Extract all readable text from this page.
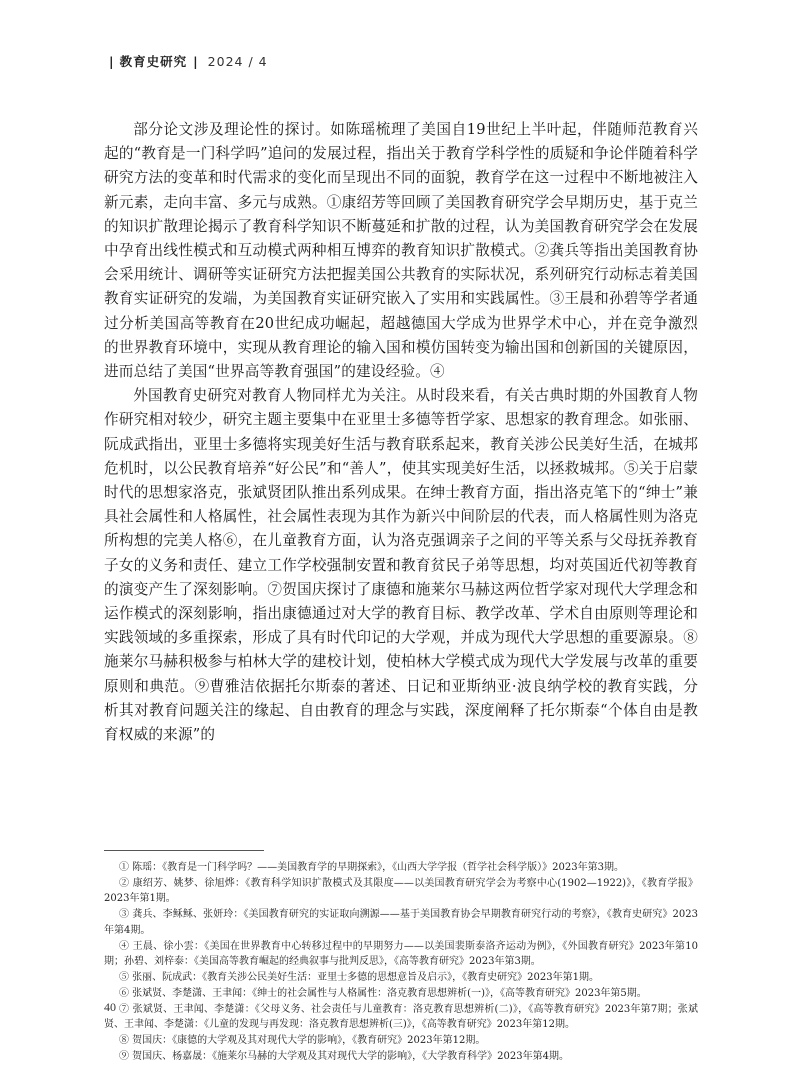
| 教育史研究 | 2024 / 4

部分论文涉及理论性的探讨。如陈瑶梳理了美国自19世纪上半叶起，伴随师范教育兴起的“教育是一门科学吗”追问的发展过程，指出关于教育学科学性的质疑和争论伴随着科学研究方法的变革和时代需求的变化而呈现出不同的面貌，教育学在这一过程中不断地被注入新元素，走向丰富、多元与成熟。①康绍芳等回顾了美国教育研究学会早期历史，基于克兰的知识扩散理论揭示了教育科学知识不断蔓延和扩散的过程，认为美国教育研究学会在发展中孕育出线性模式和互动模式两种相互博弈的教育知识扩散模式。②龚兵等指出美国教育协会采用统计、调研等实证研究方法把握美国公共教育的实际状况，系列研究行动标志着美国教育实证研究的发端，为美国教育实证研究嵌入了实用和实践属性。③王晨和孙碧等学者通过分析美国高等教育在20世纪成功崛起，超越德国大学成为世界学术中心，并在竞争激烈的世界教育环境中，实现从教育理论的输入国和模仿国转变为输出国和创新国的关键原因，进而总结了美国“世界高等教育强国”的建设经验。④

外国教育史研究对教育人物同样尤为关注。从时段来看，有关古典时期的外国教育人物作研究相对较少，研究主题主要集中在亚里士多德等哲学家、思想家的教育理念。如张丽、阮成武指出，亚里士多德将实现美好生活与教育联系起来，教育关涉公民美好生活，在城邦危机时，以公民教育培养“好公民”和“善人”，使其实现美好生活，以拯救城邦。⑤关于启蒙时代的思想家洛克，张斌贤团队推出系列成果。在绅士教育方面，指出洛克笔下的“绅士”兼具社会属性和人格属性，社会属性表现为其作为新兴中间阶层的代表，而人格属性则为洛克所构想的完美人格⑥，在儿童教育方面，认为洛克强调亲子之间的平等关系与父母抚养教育子女的义务和责任、建立工作学校强制安置和教育贫民子弟等思想，均对英国近代初等教育的演变产生了深刻影响。⑦贺国庆探讨了康德和施莱尔马赫这两位哲学家对现代大学理念和运作模式的深刻影响，指出康德通过对大学的教育目标、教学改革、学术自由原则等理论和实践领域的多重探索，形成了具有时代印记的大学观，并成为现代大学思想的重要源泉。⑧施莱尔马赫积极参与柏林大学的建校计划，使柏林大学模式成为现代大学发展与改革的重要原则和典范。⑨曹雅洁依据托尔斯泰的著述、日记和亚斯纳亚·波良纳学校的教育实践，分析其对教育问题关注的缘起、自由教育的理念与实践，深度阐释了托尔斯泰“个体自由是教育权威的来源”的

① 陈瑶：《教育是一门科学吗？——美国教育学的早期探索》，《山西大学学报（哲学社会科学版）》2023年第3期。

② 康绍芳、姚梦、徐旭烨：《教育科学知识扩散模式及其限度——以美国教育研究学会为考察中心(1902—1922)》，《教育学报》2023年第1期。

③ 龚兵、李稣稣、张妍玲：《美国教育研究的实证取向溯源——基于美国教育协会早期教育研究行动的考察》，《教育史研究》2023年第4期。

④ 王晨、徐小雲：《美国在世界教育中心转移过程中的早期努力——以美国裴斯泰洛齐运动为例》，《外国教育研究》2023年第10期；孙碧、刘梓泰：《美国高等教育崛起的经典叙事与批判反思》，《高等教育研究》2023年第3期。

⑤ 张丽、阮成武：《教育关涉公民美好生活：亚里士多德的思想意旨及启示》，《教育史研究》2023年第1期。

⑥ 张斌贤、李楚潇、王聿闻：《绅士的社会属性与人格属性：洛克教育思想辨析(一)》，《高等教育研究》2023年第5期。

⑦ 张斌贤、王聿闻、李楚潇：《父母义务、社会责任与儿童教育：洛克教育思想辨析(二)》，《高等教育研究》2023年第7期；张斌贤、王聿闻、李楚潇：《儿童的发现与再发现：洛克教育思想辨析(三)》，《高等教育研究》2023年第12期。

⑧ 贺国庆：《康德的大学观及其对现代大学的影响》，《教育研究》2023年第12期。

⑨ 贺国庆、杨嘉晟：《施莱尔马赫的大学观及其对现代大学的影响》，《大学教育科学》2023年第4期。

40
